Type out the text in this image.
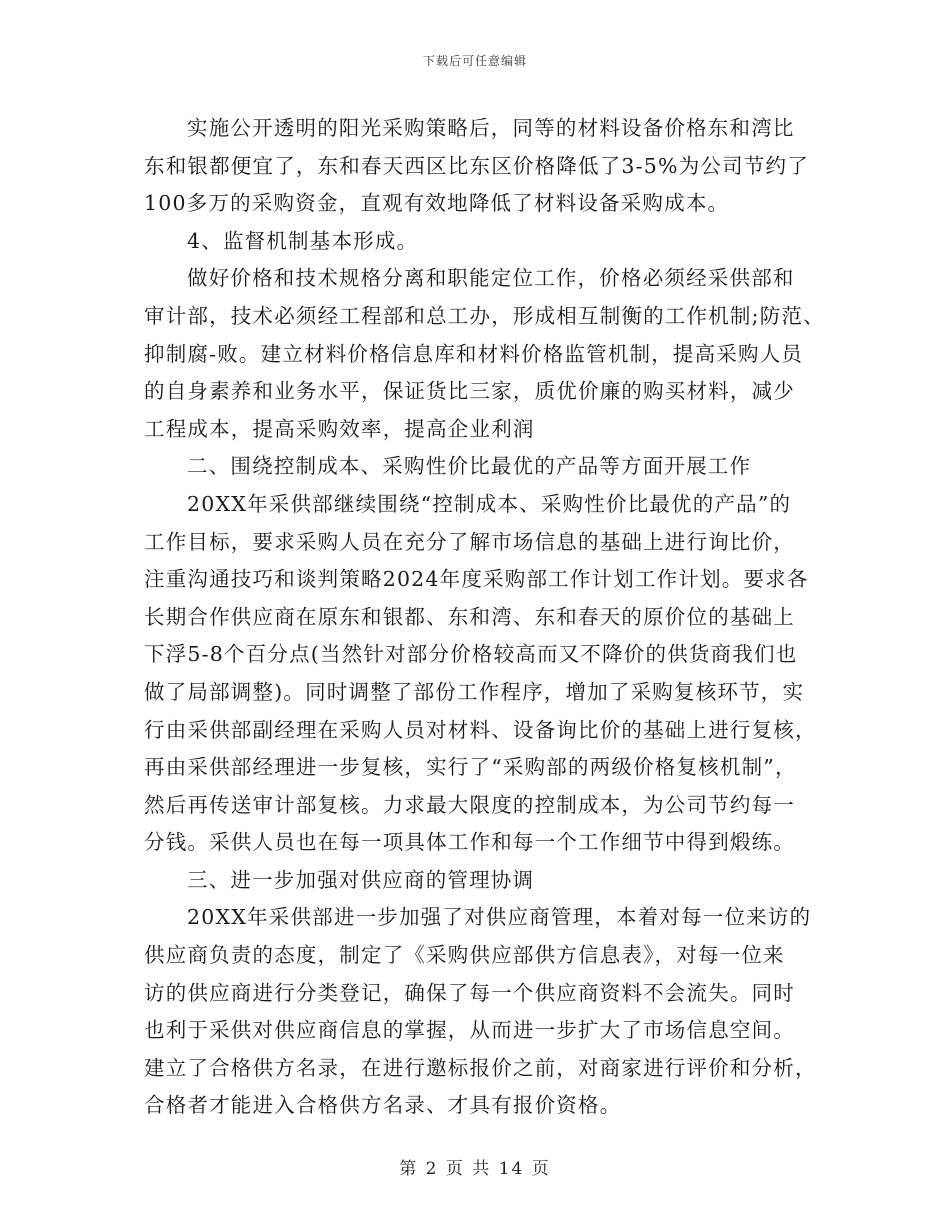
下载后可任意编辑
实施公开透明的阳光采购策略后，同等的材料设备价格东和湾比
东和银都便宜了，东和春天西区比东区价格降低了3-5%为公司节约了
100多万的采购资金，直观有效地降低了材料设备采购成本。
4、监督机制基本形成。
做好价格和技术规格分离和职能定位工作，价格必须经采供部和
审计部，技术必须经工程部和总工办，形成相互制衡的工作机制;防范、
抑制腐-败。建立材料价格信息库和材料价格监管机制，提高采购人员
的自身素养和业务水平，保证货比三家，质优价廉的购买材料，减少
工程成本，提高采购效率，提高企业利润
二、围绕控制成本、采购性价比最优的产品等方面开展工作
20XX年采供部继续围绕“控制成本、采购性价比最优的产品”的
工作目标，要求采购人员在充分了解市场信息的基础上进行询比价，
注重沟通技巧和谈判策略2024年度采购部工作计划工作计划。要求各
长期合作供应商在原东和银都、东和湾、东和春天的原价位的基础上
下浮5-8个百分点(当然针对部分价格较高而又不降价的供货商我们也
做了局部调整)。同时调整了部份工作程序，增加了采购复核环节，实
行由采供部副经理在采购人员对材料、设备询比价的基础上进行复核，
再由采供部经理进一步复核，实行了“采购部的两级价格复核机制”，
然后再传送审计部复核。力求最大限度的控制成本，为公司节约每一
分钱。采供人员也在每一项具体工作和每一个工作细节中得到煅练。
三、进一步加强对供应商的管理协调
20XX年采供部进一步加强了对供应商管理，本着对每一位来访的
供应商负责的态度，制定了《采购供应部供方信息表》，对每一位来
访的供应商进行分类登记，确保了每一个供应商资料不会流失。同时
也利于采供对供应商信息的掌握，从而进一步扩大了市场信息空间。
建立了合格供方名录，在进行邀标报价之前，对商家进行评价和分析，
合格者才能进入合格供方名录、才具有报价资格。
第 2 页 共 14 页
